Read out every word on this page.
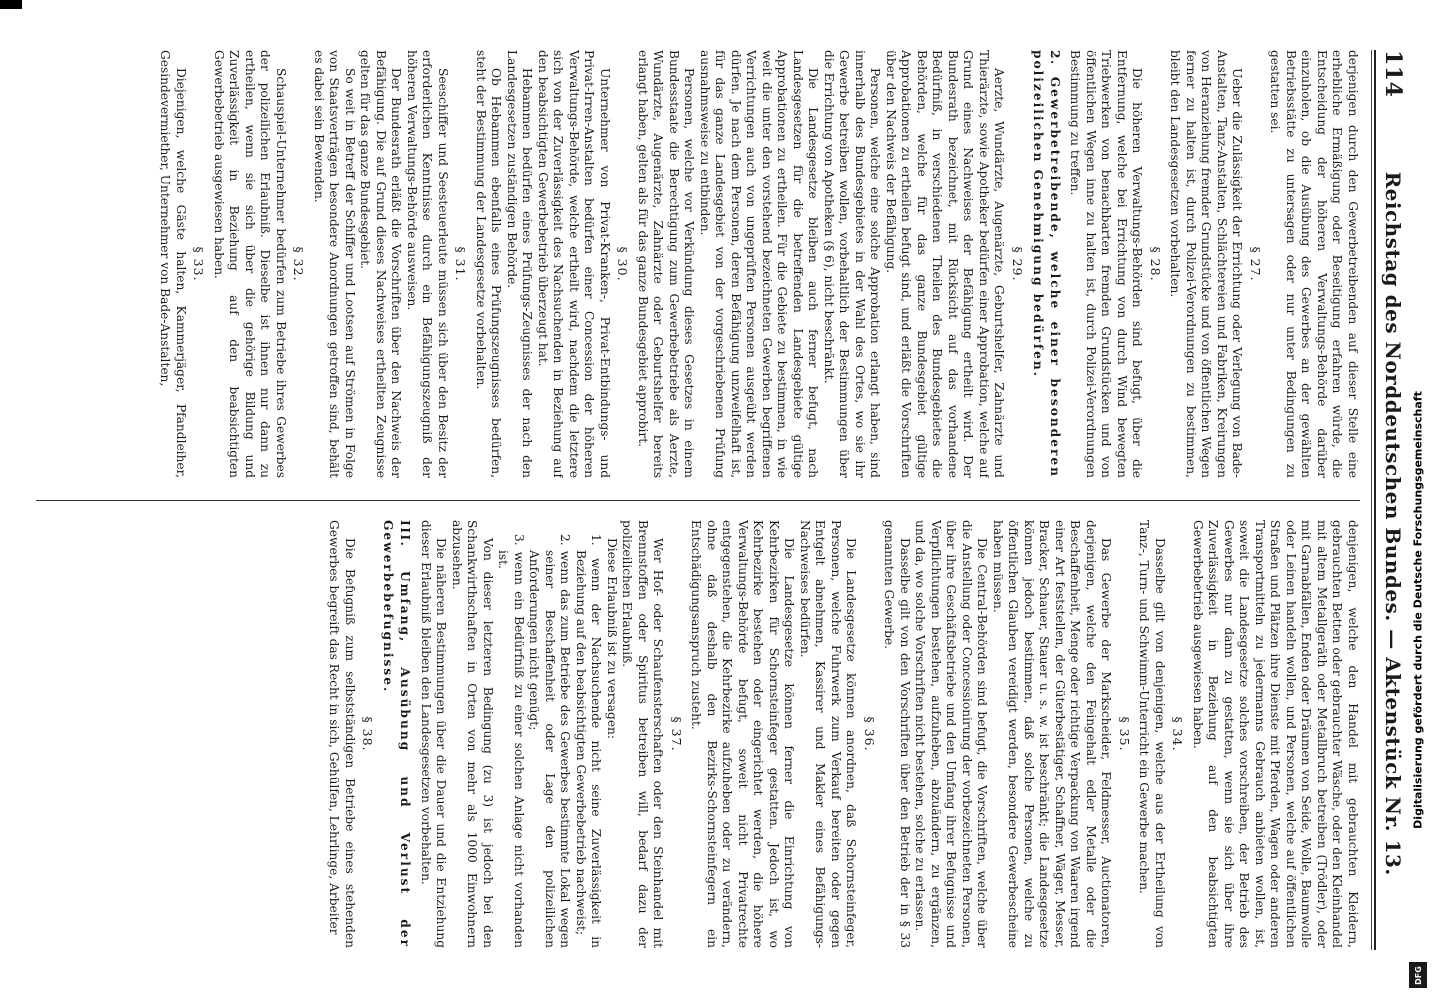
114
Reichstag des Norddeutschen Bundes. — Aktenstück Nr. 13.

derjenigen durch den Gewerbetreibenden auf dieser Stelle eine erhebliche Ermäßigung oder Beseitigung erfahren würde, die Entscheidung der höheren Verwaltungs-Behörde darüber einzuholen, ob die Ausübung des Gewerbes an der gewählten Betriebsstätte zu untersagen oder nur unter Bedingungen zu gestatten sei.

§ 27.

Ueber die Zulässigkeit der Errichtung oder Verlegung von Bade-Anstalten, Tanz-Anstalten, Schlächtereien und Fabriken, Kreirungen von Heranziehung fremder Grundstücke und von öffentlichen Wegen ferner zu halten ist, durch Polizei-Verordnungen zu bestimmen, bleibt den Landesgesetzen vorbehalten.

§ 28.

Die höheren Verwaltungs-Behörden sind befugt, über die Entfernung, welche bei Errichtung von durch Wind bewegten Triebwerken von benachbarten fremden Grundstücken und von öffentlichen Wegen inne zu halten ist, durch Polizei-Verordnungen Bestimmung zu treffen.

2. Gewerbetreibende, welche einer besonderen polizeilichen Genehmigung bedürfen.
§ 29.

Aerzte, Wundärzte, Augenärzte, Geburtshelfer, Zahnärzte und Thierärzte, sowie Apotheker bedürfen einer Approbation, welche auf Grund eines Nachweises der Befähigung ertheilt wird. Der Bundesrath bezeichnet, mit Rücksicht auf das vorhandene Bedürfniß, in verschiedenen Theilen des Bundesgebietes die Behörden, welche für das ganze Bundesgebiet gültige Approbationen zu ertheilen befugt sind, und erläßt die Vorschriften über den Nachweis der Befähigung.

Personen, welche eine solche Approbation erlangt haben, sind innerhalb des Bundesgebietes in der Wahl des Ortes, wo sie ihr Gewerbe betreiben wollen, vorbehaltlich der Bestimmungen über die Errichtung von Apotheken (§ 6), nicht beschränkt.

Die Landesgesetze bleiben auch ferner befugt, nach Landesgesetzen für die betreffenden Landesgebiete gültige Approbationen zu ertheilen. Für die Gebiete zu bestimmen, in wie weit die unter den vorstehend bezeichneten Gewerben begriffenen Verrichtungen auch von ungeprüften Personen ausgeübt werden dürfen. Je nach dem Personen, deren Befähigung unzweifelhaft ist, für das ganze Landesgebiet von der vorgeschriebenen Prüfung ausnahmsweise zu entbinden.

Personen, welche vor Verkündung dieses Gesetzes in einem Bundesstaate die Berechtigung zum Gewerbebetriebe als Aerzte, Wundärzte, Augenärzte, Zahnärzte oder Geburtshelfer bereits erlangt haben, gelten als für das ganze Bundesgebiet approbirt.

§ 30.

Unternehmer von Privat-Kranken-, Privat-Entbindungs- und Privat-Irren-Anstalten bedürfen einer Concession der höheren Verwaltungs-Behörde, welche ertheilt wird, nachdem die letztere sich von der Zuverlässigkeit des Nachsuchenden in Beziehung auf den beabsichtigten Gewerbebetrieb überzeugt hat.

Hebammen bedürfen eines Prüfungs-Zeugnisses der nach den Landesgesetzen zuständigen Behörde.

Ob Hebammen ebenfalls eines Prüfungszeugnisses bedürfen, steht der Bestimmung der Landesgesetze vorbehalten.

§ 31.

Seeschiffer und Seesteuerleute müssen sich über den Besitz der erforderlichen Kenntnisse durch ein Befähigungszeugniß der höheren Verwaltungs-Behörde ausweisen.

Der Bundesrath erläßt die Vorschriften über den Nachweis der Befähigung. Die auf Grund dieses Nachweises ertheilten Zeugnisse gelten für das ganze Bundesgebiet.

So weit in Betreff der Schiffer und Lootsen auf Strömen in Folge von Staatsverträgen besondere Anordnungen getroffen sind, behält es dabei sein Bewenden.

§ 32.

Schauspiel-Unternehmer bedürfen zum Betriebe ihres Gewerbes der polizeilichen Erlaubniß. Dieselbe ist ihnen nur dann zu ertheilen, wenn sie sich über die gehörige Bildung und Zuverlässigkeit in Beziehung auf den beabsichtigten Gewerbebetrieb ausgewiesen haben.

§ 33.

Diejenigen, welche Gäste halten, Kammerjäger, Pfandleiher, Gesindevermiether, Unternehmer von Bade-Anstalten,

denjenigen, welche den Handel mit gebrauchten Kleidern, gebrauchten Betten oder gebrauchter Wäsche, oder den Kleinhandel mit altem Metallgeräth oder Metallbruch betreiben (Trödler), oder mit Garnabfällen, Enden oder Dräumen von Seide, Wolle, Baumwolle oder Leinen handeln wollen, und Personen, welche auf öffentlichen Straßen und Plätzen ihre Dienste mit Pferden, Wagen oder anderen Transportmitteln zu jedermanns Gebrauch anbieten wollen, ist, soweit die Landesgesetze solches vorschreiben, der Betrieb des Gewerbes nur dann zu gestatten, wenn sie sich über ihre Zuverlässigkeit in Beziehung auf den beabsichtigten Gewerbebetrieb ausgewiesen haben.

§ 34.

Dasselbe gilt von denjenigen, welche aus der Ertheilung von Tanz-, Turn- und Schwimm-Unterricht ein Gewerbe machen.

§ 35.

Das Gewerbe der Markscheider, Feldmesser, Auctionatoren, derjenigen, welche den Feingehalt edler Metalle oder die Beschaffenheit, Menge oder richtige Verpackung von Waaren irgend einer Art feststellen, der Güterbestätiger, Schaffner, Wäger, Messer, Bracker, Schauer, Stauer u. s. w. ist beschränkt; die Landesgesetze können jedoch bestimmen, daß solche Personen, welche zu öffentlichen Glauben vereidigt werden, besondere Gewerbescheine haben müssen.

Die Central-Behörden sind befugt, die Vorschriften, welche über die Anstellung oder Concessionirung der vorbezeichneten Personen, über ihre Geschäftsbetriebe und den Umfang ihrer Befugnisse und Verpflichtungen bestehen, aufzuheben, abzuändern, zu ergänzen, und da, wo solche Vorschriften nicht bestehen, solche zu erlassen.

Dasselbe gilt von den Vorschriften über den Betrieb der in § 33 genannten Gewerbe.

§ 36.

Die Landesgesetze können anordnen, daß Schornsteinfeger, Personen, welche Fuhrwerk zum Verkauf bereiten oder gegen Entgelt abnehmen, Kassirer und Makler eines Befähigungs-Nachweises bedürfen.

Die Landesgesetze können ferner die Einrichtung von Kehrbezirken für Schornsteinfeger gestatten. Jedoch ist, wo Kehrbezirke bestehen oder eingerichtet werden, die höhere Verwaltungs-Behörde befugt, soweit nicht Privatrechte entgegenstehen, die Kehrbezirke aufzuheben oder zu verändern, ohne daß deshalb den Bezirks-Schornsteinfegern ein Entschädigungsanspruch zusteht.

§ 37.

Wer Hof- oder Schaufensterschaften oder den Steinhandel mit Brennstoffen oder Spiritus betreiben will, bedarf dazu der polizeilichen Erlaubniß.

Diese Erlaubniß ist zu versagen:

1. wenn der Nachsuchende nicht seine Zuverlässigkeit in Beziehung auf den beabsichtigten Gewerbebetrieb nachweist;

2. wenn das zum Betriebe des Gewerbes bestimmte Lokal wegen seiner Beschaffenheit oder Lage den polizeilichen Anforderungen nicht genügt;

3. wenn ein Bedürfniß zu einer solchen Anlage nicht vorhanden ist.

Von dieser letzteren Bedingung (zu 3) ist jedoch bei den Schankwirthschaften in Orten von mehr als 1000 Einwohnern abzusehen.

Die näheren Bestimmungen über die Dauer und die Entziehung dieser Erlaubniß bleiben den Landesgesetzen vorbehalten.

III. Umfang, Ausübung und Verlust der Gewerbebefugnisse.
§ 38.

Die Befugniß zum selbstständigen Betriebe eines stehenden Gewerbes begreift das Recht in sich, Gehülfen, Lehrlinge, Arbeiter	Digitalisierung gefördert durch die Deutsche Forschungsgemeinschaft
DFG
